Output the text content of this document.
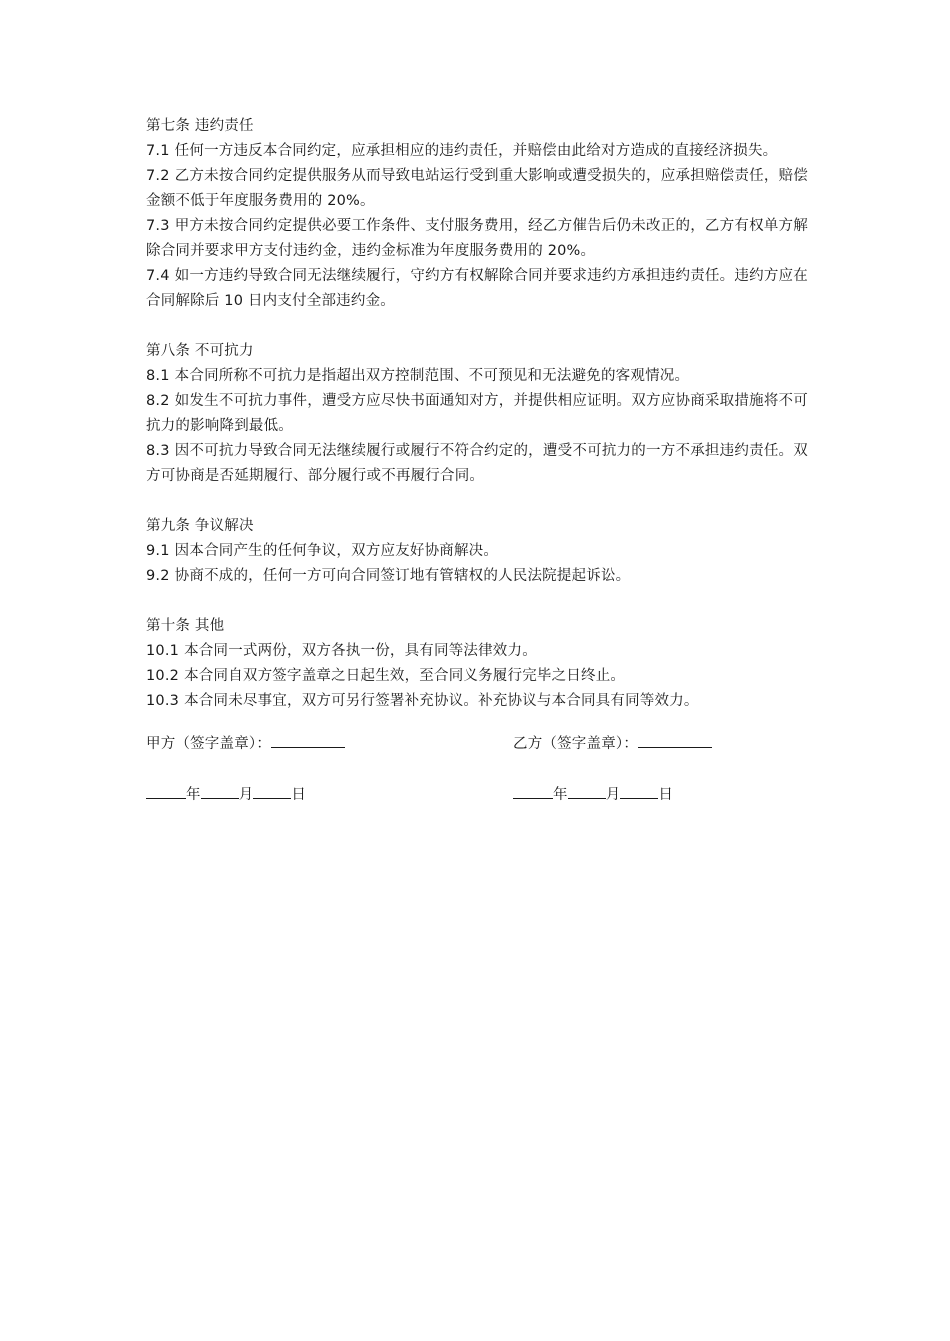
第七条 违约责任

7.1 任何一方违反本合同约定，应承担相应的违约责任，并赔偿由此给对方造成的直接经济损失。

7.2 乙方未按合同约定提供服务从而导致电站运行受到重大影响或遭受损失的，应承担赔偿责任，赔偿金额不低于年度服务费用的 20%。

7.3 甲方未按合同约定提供必要工作条件、支付服务费用，经乙方催告后仍未改正的，乙方有权单方解除合同并要求甲方支付违约金，违约金标准为年度服务费用的 20%。

7.4 如一方违约导致合同无法继续履行，守约方有权解除合同并要求违约方承担违约责任。违约方应在合同解除后 10 日内支付全部违约金。

第八条 不可抗力

8.1 本合同所称不可抗力是指超出双方控制范围、不可预见和无法避免的客观情况。

8.2 如发生不可抗力事件，遭受方应尽快书面通知对方，并提供相应证明。双方应协商采取措施将不可抗力的影响降到最低。

8.3 因不可抗力导致合同无法继续履行或履行不符合约定的，遭受不可抗力的一方不承担违约责任。双方可协商是否延期履行、部分履行或不再履行合同。

第九条 争议解决

9.1 因本合同产生的任何争议，双方应友好协商解决。

9.2 协商不成的，任何一方可向合同签订地有管辖权的人民法院提起诉讼。

第十条 其他

10.1 本合同一式两份，双方各执一份，具有同等法律效力。

10.2 本合同自双方签字盖章之日起生效，至合同义务履行完毕之日终止。

10.3 本合同未尽事宜，双方可另行签署补充协议。补充协议与本合同具有同等效力。

甲方（签字盖章）：	乙方（签字盖章）：
年	月	日	年	月	日
